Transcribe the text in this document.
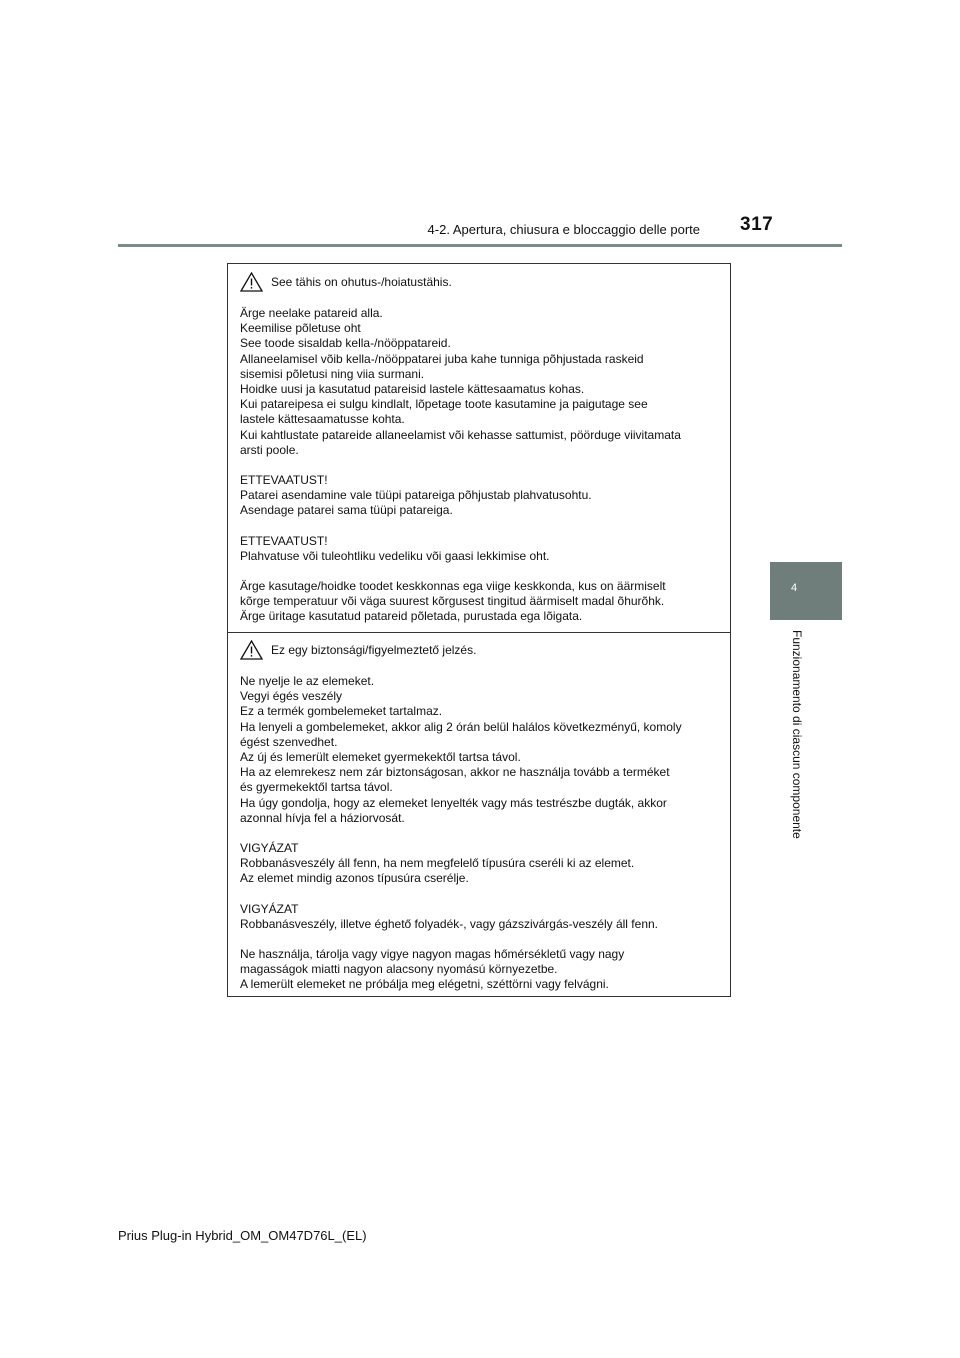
4-2. Apertura, chiusura e bloccaggio delle porte 317
4
Funzionamento di ciascun componente
See tähis on ohutus-/hoiatustähis.
Ärge neelake patareid alla.
Keemilise põletuse oht
See toode sisaldab kella-/nööppatareid.
Allaneelamisel võib kella-/nööppatarei juba kahe tunniga põhjustada raskeid
sisemisi põletusi ning viia surmani.
Hoidke uusi ja kasutatud patareisid lastele kättesaamatus kohas.
Kui patareipesa ei sulgu kindlalt, lõpetage toote kasutamine ja paigutage see
lastele kättesaamatusse kohta.
Kui kahtlustate patareide allaneelamist või kehasse sattumist, pöörduge viivitamata
arsti poole.
ETTEVAATUST!
Patarei asendamine vale tüüpi patareiga põhjustab plahvatusohtu.
Asendage patarei sama tüüpi patareiga.
ETTEVAATUST!
Plahvatuse või tuleohtliku vedeliku või gaasi lekkimise oht.
Ärge kasutage/hoidke toodet keskkonnas ega viige keskkonda, kus on äärmiselt
kõrge temperatuur või väga suurest kõrgusest tingitud äärmiselt madal õhurõhk.
Ärge üritage kasutatud patareid põletada, purustada ega lõigata.
Ez egy biztonsági/figyelmeztető jelzés.
Ne nyelje le az elemeket.
Vegyi égés veszély
Ez a termék gombelemeket tartalmaz.
Ha lenyeli a gombelemeket, akkor alig 2 órán belül halálos következményű, komoly
égést szenvedhet.
Az új és lemerült elemeket gyermekektől tartsa távol.
Ha az elemrekesz nem zár biztonságosan, akkor ne használja tovább a terméket
és gyermekektől tartsa távol.
Ha úgy gondolja, hogy az elemeket lenyelték vagy más testrészbe dugták, akkor
azonnal hívja fel a háziorvosát.
VIGYÁZAT
Robbanásveszély áll fenn, ha nem megfelelő típusúra cseréli ki az elemet.
Az elemet mindig azonos típusúra cserélje.
VIGYÁZAT
Robbanásveszély, illetve éghető folyadék-, vagy gázszivárgás-veszély áll fenn.
Ne használja, tárolja vagy vigye nagyon magas hőmérsékletű vagy nagy
magasságok miatti nagyon alacsony nyomású környezetbe.
A lemerült elemeket ne próbálja meg elégetni, széttörni vagy felvágni.
Prius Plug-in Hybrid_OM_OM47D76L_(EL)
